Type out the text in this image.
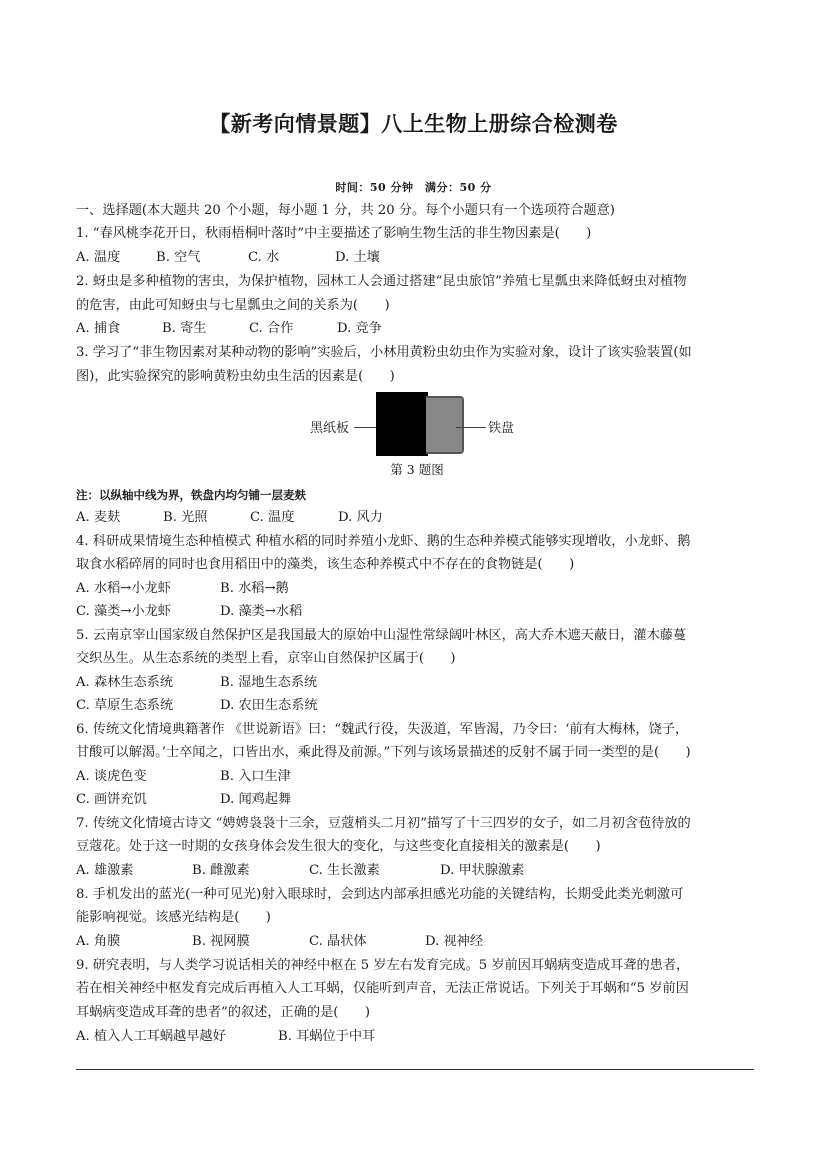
【新考向情景题】八上生物上册综合检测卷
时间：50 分钟　满分：50 分
一、选择题(本大题共 20 个小题，每小题 1 分，共 20 分。每个小题只有一个选项符合题意)
1. “春风桃李花开日，秋雨梧桐叶落时”中主要描述了影响生物生活的非生物因素是(　　)
A. 温度	B. 空气	C. 水	D. 土壤
2. 蚜虫是多种植物的害虫，为保护植物，园林工人会通过搭建“昆虫旅馆”养殖七星瓢虫来降低蚜虫对植物
的危害，由此可知蚜虫与七星瓢虫之间的关系为(　　)
A. 捕食	B. 寄生	C. 合作	D. 竞争
3. 学习了“非生物因素对某种动物的影响”实验后，小林用黄粉虫幼虫作为实验对象，设计了该实验装置(如
图)，此实验探究的影响黄粉虫幼虫生活的因素是(　　)
黑纸板	铁盘
第 3 题图
注：以纵轴中线为界，铁盘内均匀铺一层麦麸
A. 麦麸	B. 光照	C. 温度	D. 风力
4. 科研成果情境生态种植模式 种植水稻的同时养殖小龙虾、鹅的生态种养模式能够实现增收，小龙虾、鹅
取食水稻碎屑的同时也食用稻田中的藻类，该生态种养模式中不存在的食物链是(　　)
A. 水稻→小龙虾	B. 水稻→鹅
C. 藻类→小龙虾	D. 藻类→水稻
5. 云南京宰山国家级自然保护区是我国最大的原始中山湿性常绿阔叶林区，高大乔木遮天蔽日，灌木藤蔓
交织丛生。从生态系统的类型上看，京宰山自然保护区属于(　　)
A. 森林生态系统	B. 湿地生态系统
C. 草原生态系统	D. 农田生态系统
6. 传统文化情境典籍著作 《世说新语》曰：“魏武行役，失汲道，军皆渴，乃令曰：‘前有大梅林，饶子，
甘酸可以解渴。’士卒闻之，口皆出水，乘此得及前源。”下列与该场景描述的反射不属于同一类型的是(　　)
A. 谈虎色变	B. 入口生津
C. 画饼充饥	D. 闻鸡起舞
7. 传统文化情境古诗文 “娉娉袅袅十三余，豆蔻梢头二月初”描写了十三四岁的女子，如二月初含苞待放的
豆蔻花。处于这一时期的女孩身体会发生很大的变化，与这些变化直接相关的激素是(　　)
A. 雄激素	B. 雌激素	C. 生长激素	D. 甲状腺激素
8. 手机发出的蓝光(一种可见光)射入眼球时，会到达内部承担感光功能的关键结构，长期受此类光刺激可
能影响视觉。该感光结构是(　　)
A. 角膜	B. 视网膜	C. 晶状体	D. 视神经
9. 研究表明，与人类学习说话相关的神经中枢在 5 岁左右发育完成。5 岁前因耳蜗病变造成耳聋的患者，
若在相关神经中枢发育完成后再植入人工耳蜗，仅能听到声音，无法正常说话。下列关于耳蜗和“5 岁前因
耳蜗病变造成耳聋的患者”的叙述，正确的是(　　)
A. 植入人工耳蜗越早越好	B. 耳蜗位于中耳
